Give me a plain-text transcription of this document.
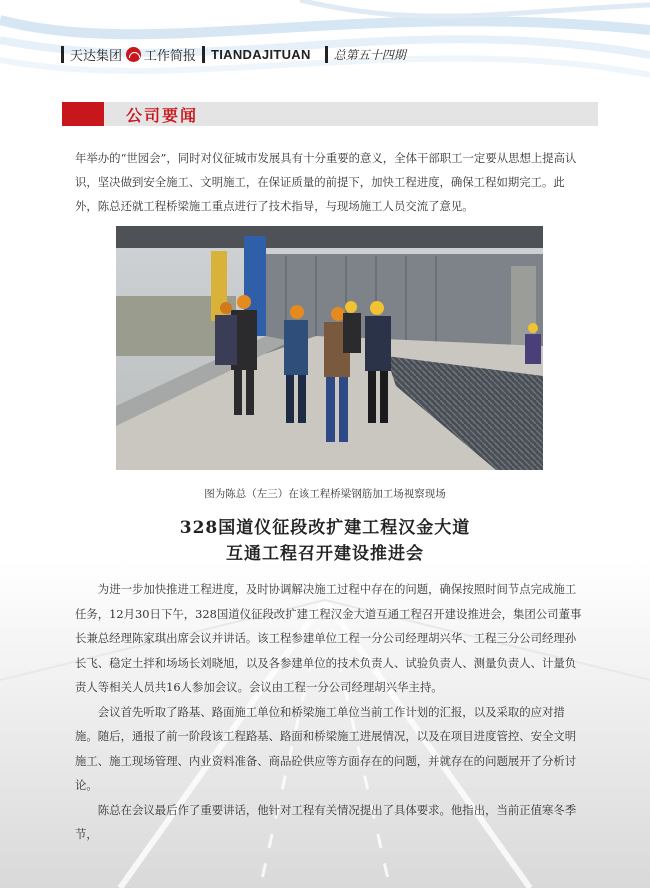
天达集团 工作简报 TIANDAJITUAN 总第五十四期
公司要闻

年举办的“世园会”，同时对仪征城市发展具有十分重要的意义，全体干部职工一定要从思想上提高认识，坚决做到安全施工、文明施工，在保证质量的前提下，加快工程进度，确保工程如期完工。此外，陈总还就工程桥梁施工重点进行了技术指导，与现场施工人员交流了意见。

图为陈总（左三）在该工程桥梁钢筋加工场视察现场
328国道仪征段改扩建工程汉金大道
互通工程召开建设推进会

为进一步加快推进工程进度，及时协调解决施工过程中存在的问题，确保按照时间节点完成施工任务，12月30日下午，328国道仪征段改扩建工程汉金大道互通工程召开建设推进会，集团公司董事长兼总经理陈家琪出席会议并讲话。该工程参建单位工程一分公司经理胡兴华、工程三分公司经理孙长飞、稳定土拌和场场长刘晓旭，以及各参建单位的技术负责人、试验负责人、测量负责人、计量负责人等相关人员共16人参加会议。会议由工程一分公司经理胡兴华主持。

会议首先听取了路基、路面施工单位和桥梁施工单位当前工作计划的汇报，以及采取的应对措施。随后，通报了前一阶段该工程路基、路面和桥梁施工进展情况，以及在项目进度管控、安全文明施工、施工现场管理、内业资料准备、商品砼供应等方面存在的问题，并就存在的问题展开了分析讨论。

陈总在会议最后作了重要讲话，他针对工程有关情况提出了具体要求。他指出，当前正值寒冬季节，
